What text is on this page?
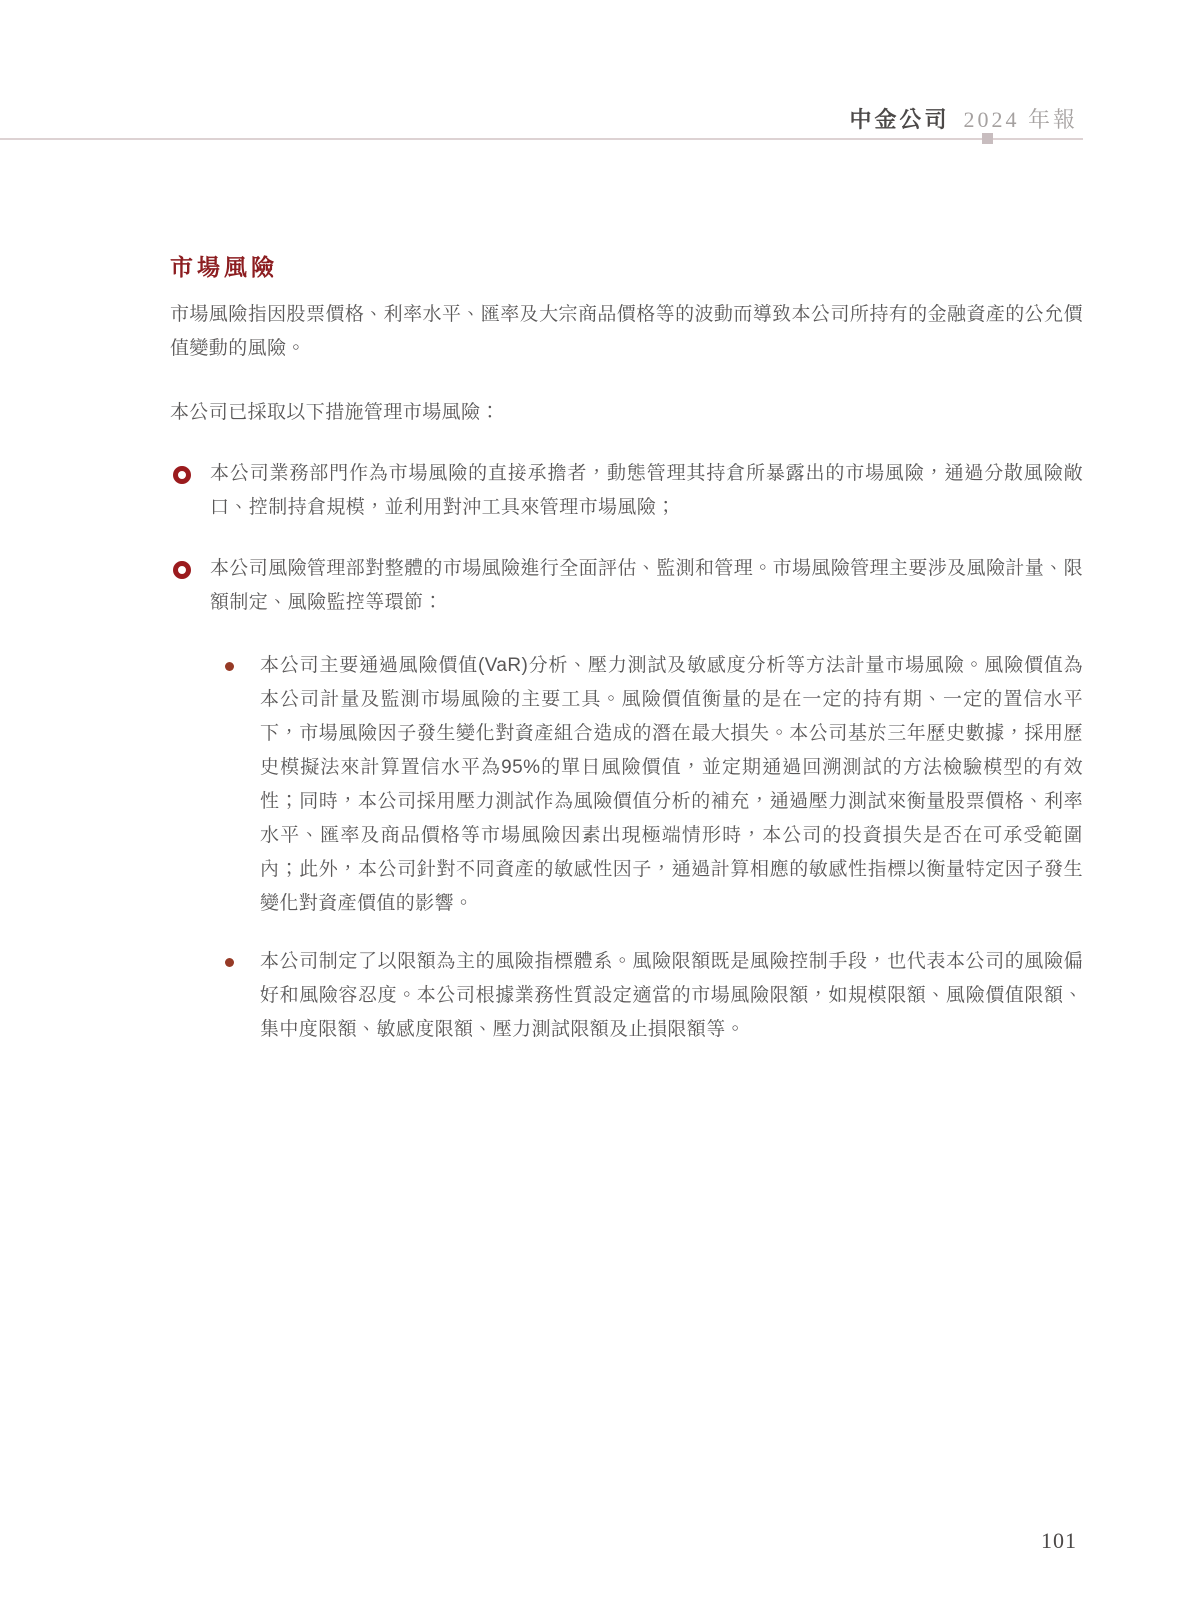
中金公司 2024 年報
市場風險

市場風險指因股票價格、利率水平、匯率及大宗商品價格等的波動而導致本公司所持有的金融資產的公允價值變動的風險。

本公司已採取以下措施管理市場風險：

本公司業務部門作為市場風險的直接承擔者，動態管理其持倉所暴露出的市場風險，通過分散風險敞口、控制持倉規模，並利用對沖工具來管理市場風險；

本公司風險管理部對整體的市場風險進行全面評估、監測和管理。市場風險管理主要涉及風險計量、限額制定、風險監控等環節：

本公司主要通過風險價值(VaR)分析、壓力測試及敏感度分析等方法計量市場風險。風險價值為本公司計量及監測市場風險的主要工具。風險價值衡量的是在一定的持有期、一定的置信水平下，市場風險因子發生變化對資產組合造成的潛在最大損失。本公司基於三年歷史數據，採用歷史模擬法來計算置信水平為95%的單日風險價值，並定期通過回溯測試的方法檢驗模型的有效性；同時，本公司採用壓力測試作為風險價值分析的補充，通過壓力測試來衡量股票價格、利率水平、匯率及商品價格等市場風險因素出現極端情形時，本公司的投資損失是否在可承受範圍內；此外，本公司針對不同資產的敏感性因子，通過計算相應的敏感性指標以衡量特定因子發生變化對資產價值的影響。

本公司制定了以限額為主的風險指標體系。風險限額既是風險控制手段，也代表本公司的風險偏好和風險容忍度。本公司根據業務性質設定適當的市場風險限額，如規模限額、風險價值限額、集中度限額、敏感度限額、壓力測試限額及止損限額等。

101
